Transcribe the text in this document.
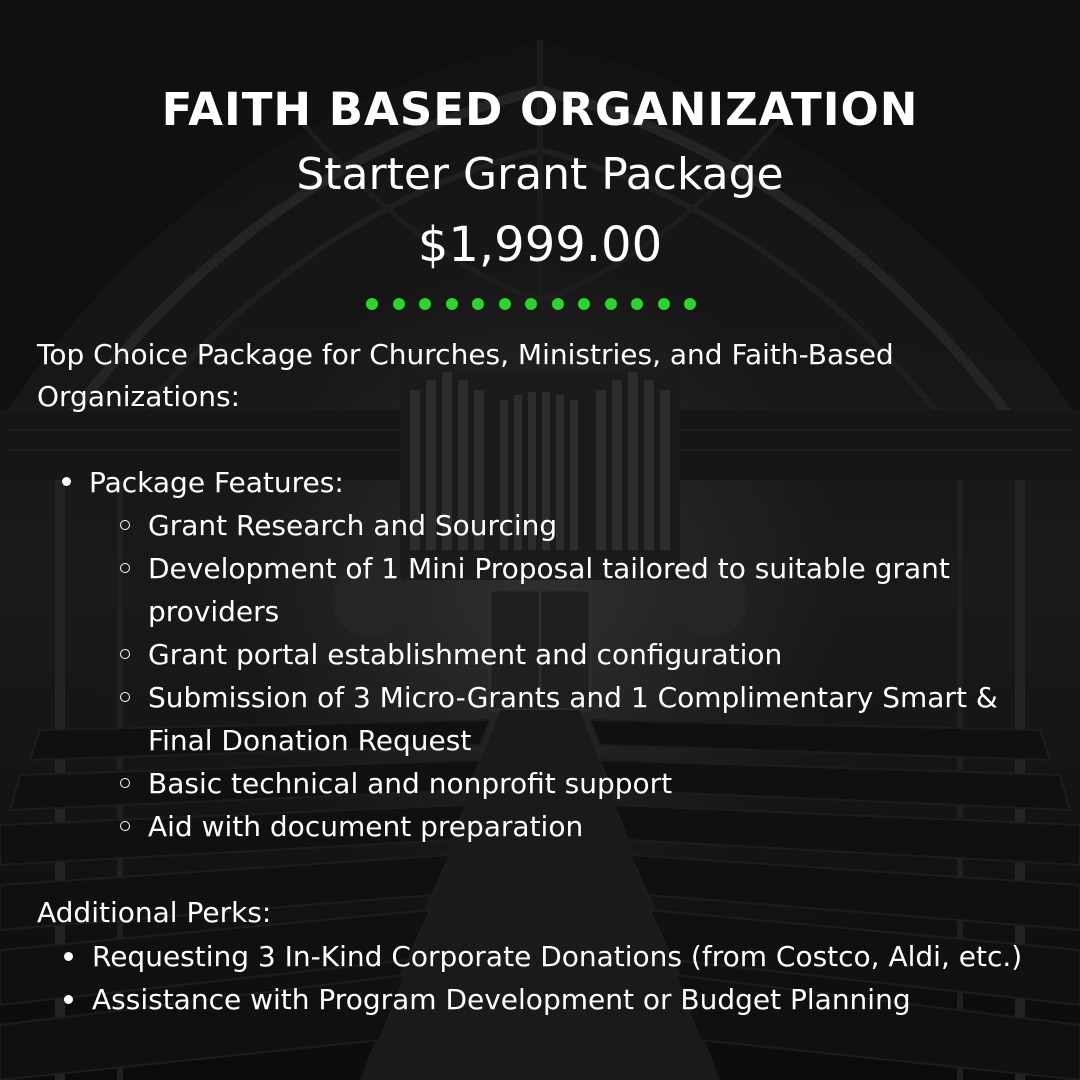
FAITH BASED ORGANIZATION
Starter Grant Package
$1,999.00

Top Choice Package for Churches, Ministries, and Faith-Based Organizations:

Package Features:
Grant Research and Sourcing
Development of 1 Mini Proposal tailored to suitable grant providers
Grant portal establishment and configuration
Submission of 3 Micro-Grants and 1 Complimentary Smart & Final Donation Request
Basic technical and nonprofit support
Aid with document preparation

Additional Perks:

Requesting 3 In-Kind Corporate Donations (from Costco, Aldi, etc.)
Assistance with Program Development or Budget Planning
